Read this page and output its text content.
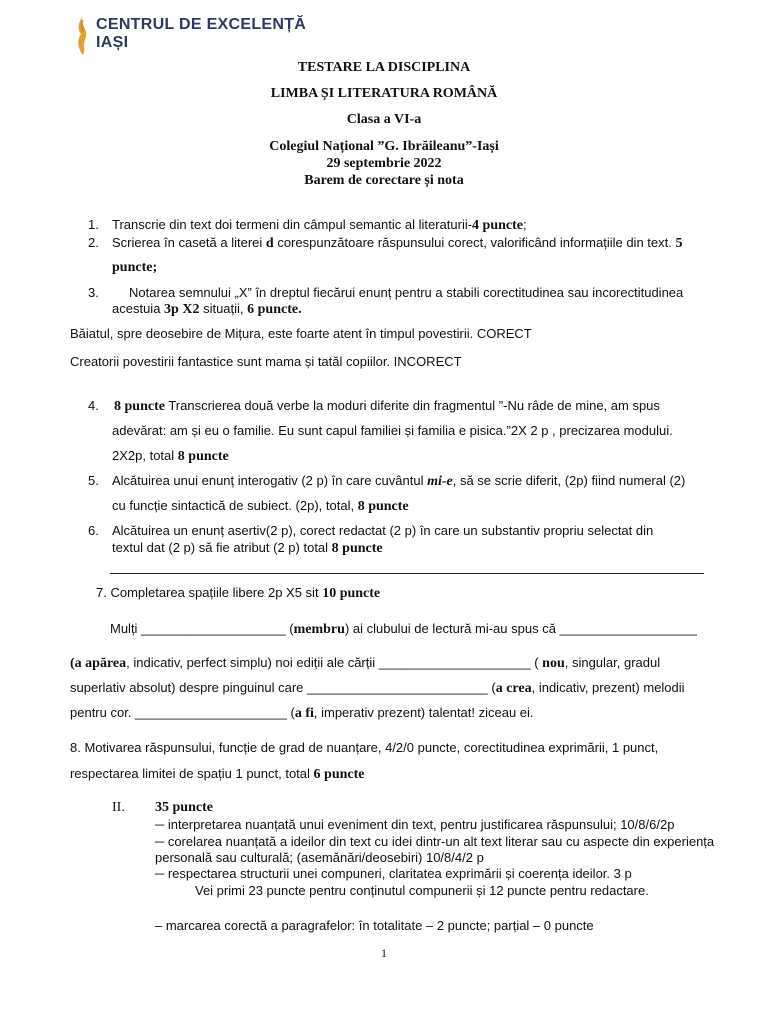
CENTRUL DE EXCELENȚĂ
IAȘI
TESTARE LA DISCIPLINA
LIMBA ȘI LITERATURA ROMÂNĂ
Clasa a VI-a
Colegiul Național ”G. Ibrăileanu”-Iași
29 septembrie 2022
Barem de corectare și nota
1. Transcrie din text doi termeni din câmpul semantic al literaturii-4 puncte;
2. Scrierea în casetă a literei d corespunzătoare răspunsului corect, valorificând informațiile din text. 5
puncte;
3. Notarea semnului „X” în dreptul fiecărui enunț pentru a stabili corectitudinea sau incorectitudinea
acestuia 3p X2 situații, 6 puncte.
Băiatul, spre deosebire de Mițura, este foarte atent în timpul povestirii. CORECT
Creatorii povestirii fantastice sunt mama și tatăl copiilor. INCORECT
4. 8 puncte Transcrierea două verbe la moduri diferite din fragmentul ”-Nu râde de mine, am spus
adevărat: am și eu o familie. Eu sunt capul familiei și familia e pisica.”2X 2 p , precizarea modului.
2X2p, total 8 puncte
5. Alcătuirea unui enunț interogativ (2 p) în care cuvântul mi-e, să se scrie diferit, (2p) fiind numeral (2)
cu funcție sintactică de subiect. (2p), total, 8 puncte
6. Alcătuirea un enunț asertiv(2 p), corect redactat (2 p) în care un substantiv propriu selectat din
textul dat (2 p) să fie atribut (2 p) total 8 puncte
7. Completarea spațiile libere 2p X5 sit 10 puncte
Mulți ____________________ (membru) ai clubului de lectură mi-au spus că ___________________
(a apărea, indicativ, perfect simplu) noi ediții ale cărții _____________________ ( nou, singular, gradul
superlativ absolut) despre pinguinul care _________________________ (a crea, indicativ, prezent) melodii
pentru cor. _____________________ (a fi, imperativ prezent) talentat! ziceau ei.
8. Motivarea răspunsului, funcție de grad de nuanțare, 4/2/0 puncte, corectitudinea exprimării, 1 punct,
respectarea limitei de spațiu 1 punct, total 6 puncte
II. 35 puncte
─ interpretarea nuanțată unui eveniment din text, pentru justificarea răspunsului; 10/8/6/2p
─ corelarea nuanțată a ideilor din text cu idei dintr-un alt text literar sau cu aspecte din experiența
personală sau culturală; (asemănări/deosebiri) 10/8/4/2 p
─ respectarea structurii unei compuneri, claritatea exprimării și coerența ideilor. 3 p
Vei primi 23 puncte pentru conținutul compunerii și 12 puncte pentru redactare.
– marcarea corectă a paragrafelor: în totalitate – 2 puncte; parțial – 0 puncte
1
